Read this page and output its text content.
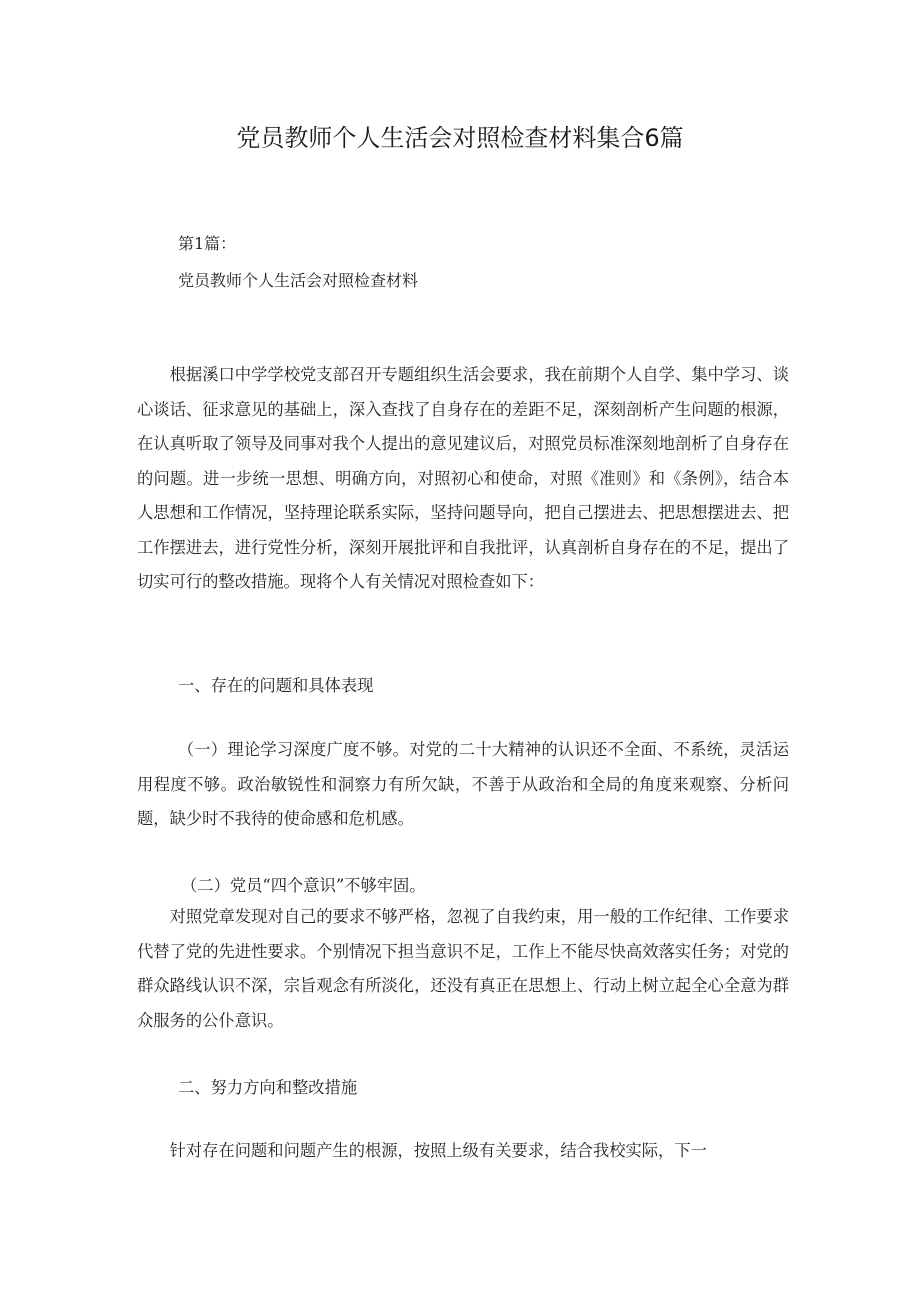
党员教师个人生活会对照检查材料集合6篇
第1篇：
党员教师个人生活会对照检查材料

根据溪口中学学校党支部召开专题组织生活会要求，我在前期个人自学、集中学习、谈心谈话、征求意见的基础上，深入查找了自身存在的差距不足，深刻剖析产生问题的根源，在认真听取了领导及同事对我个人提出的意见建议后，对照党员标准深刻地剖析了自身存在的问题。进一步统一思想、明确方向，对照初心和使命，对照《准则》和《条例》，结合本人思想和工作情况，坚持理论联系实际，坚持问题导向，把自己摆进去、把思想摆进去、把工作摆进去，进行党性分析，深刻开展批评和自我批评，认真剖析自身存在的不足，提出了切实可行的整改措施。现将个人有关情况对照检查如下：

一、存在的问题和具体表现

（一）理论学习深度广度不够。对党的二十大精神的认识还不全面、不系统，灵活运用程度不够。政治敏锐性和洞察力有所欠缺，不善于从政治和全局的角度来观察、分析问题，缺少时不我待的使命感和危机感。

（二）党员“四个意识”不够牢固。

对照党章发现对自己的要求不够严格，忽视了自我约束，用一般的工作纪律、工作要求代替了党的先进性要求。个别情况下担当意识不足，工作上不能尽快高效落实任务；对党的群众路线认识不深，宗旨观念有所淡化，还没有真正在思想上、行动上树立起全心全意为群众服务的公仆意识。

二、努力方向和整改措施

针对存在问题和问题产生的根源，按照上级有关要求，结合我校实际，下一
